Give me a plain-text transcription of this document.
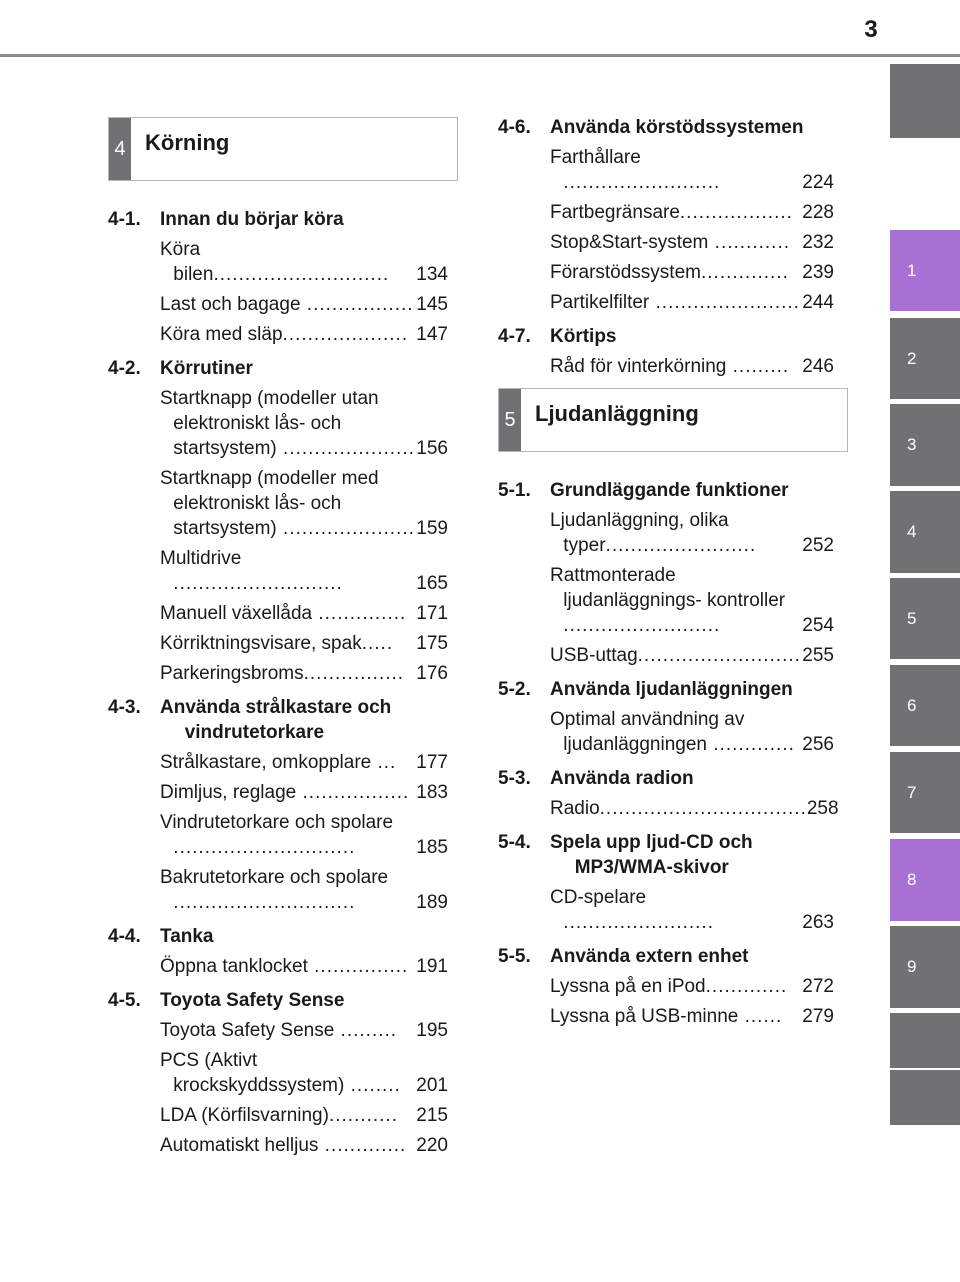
3
1
2
3
4
5
6
7
8
9
4 Körning
5 Ljudanläggning
4-1.	Innan du börjar köra
Köra bilen............................	134
Last och bagage ................. 145
Köra med släp.................... 147
4-2.	Körrutiner
Startknapp (modeller utan elektroniskt lås- och startsystem) ..................... 156
Startknapp (modeller med elektroniskt lås- och startsystem) ..................... 159
Multidrive ...........................	165
Manuell växellåda .............. 171
Körriktningsvisare, spak.....	175
Parkeringsbroms................ 176
4-3.	Använda strålkastare och vindrutetorkare
Strålkastare, omkopplare ...	177
Dimljus, reglage ................. 183
Vindrutetorkare och spolare .............................	185
Bakrutetorkare och spolare .............................	189
4-4.	Tanka
Öppna tanklocket ............... 191
4-5.	Toyota Safety Sense
Toyota Safety Sense .........	195
PCS (Aktivt krockskyddssystem) ........ 201
LDA (Körfilsvarning)........... 215
Automatiskt helljus ............. 220
4-6.	Använda körstödssystemen
Farthållare .........................	224
Fartbegränsare.................. 228
Stop&Start-system ............ 232
Förarstödssystem.............. 239
Partikelfilter ....................... 244
4-7.	Körtips
Råd för vinterkörning ......... 246
5-1.	Grundläggande funktioner
Ljudanläggning, olika typer........................	252
Rattmonterade ljudanläggnings- kontroller .........................	254
USB-uttag.......................... 255
5-2.	Använda ljudanläggningen
Optimal användning av ljudanläggningen ............. 256
5-3.	Använda radion
Radio................................. 258
5-4.	Spela upp ljud-CD och MP3/WMA-skivor
CD-spelare ........................	263
5-5.	Använda extern enhet
Lyssna på en iPod............. 272
Lyssna på USB-minne ......	279
